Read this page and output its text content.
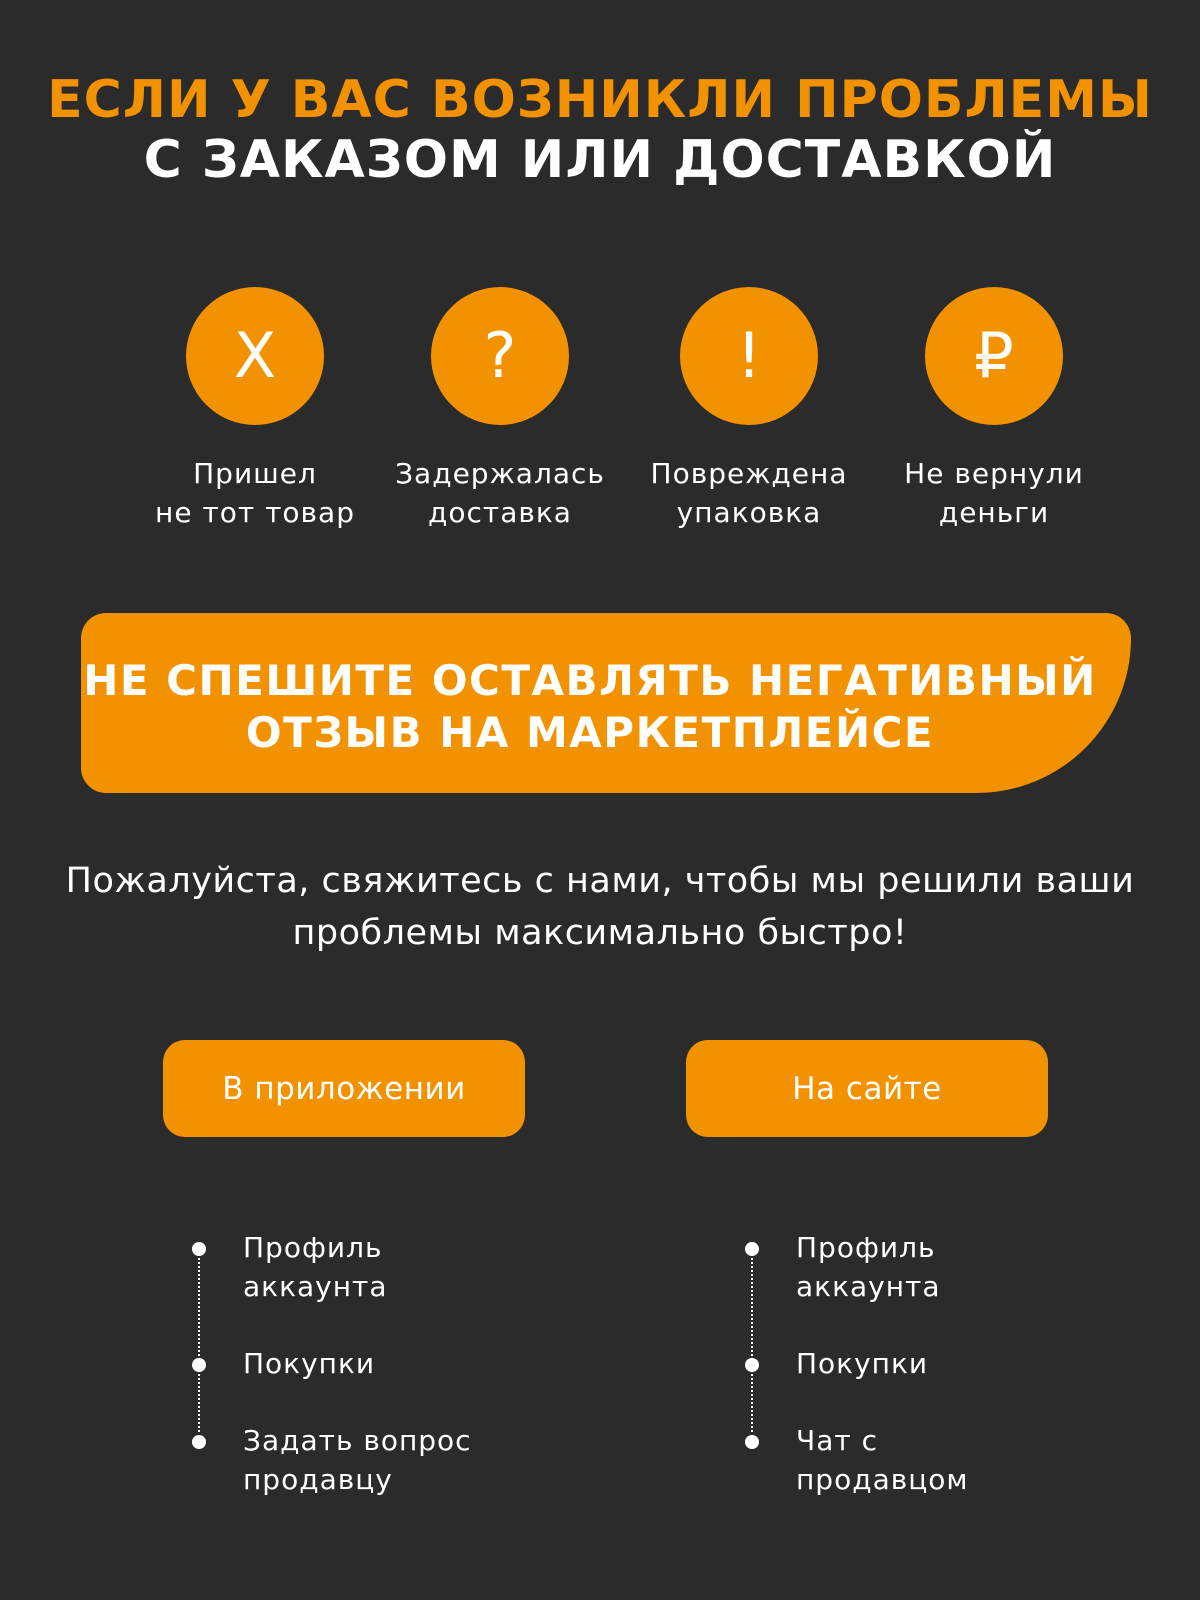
ЕСЛИ У ВАС ВОЗНИКЛИ ПРОБЛЕМЫ
С ЗАКАЗОМ ИЛИ ДОСТАВКОЙ
X
Пришел
не тот товар
?
Задержалась
доставка
!
Повреждена
упаковка
₽
Не вернули
деньги
НЕ СПЕШИТЕ ОСТАВЛЯТЬ НЕГАТИВНЫЙ
ОТЗЫВ НА МАРКЕТПЛЕЙСЕ
Пожалуйста, свяжитесь с нами, чтобы мы решили ваши
проблемы максимально быстро!
В приложении	На сайте
Профиль
аккаунта
Покупки
Задать вопрос
продавцу
Профиль
аккаунта
Покупки
Чат с
продавцом
